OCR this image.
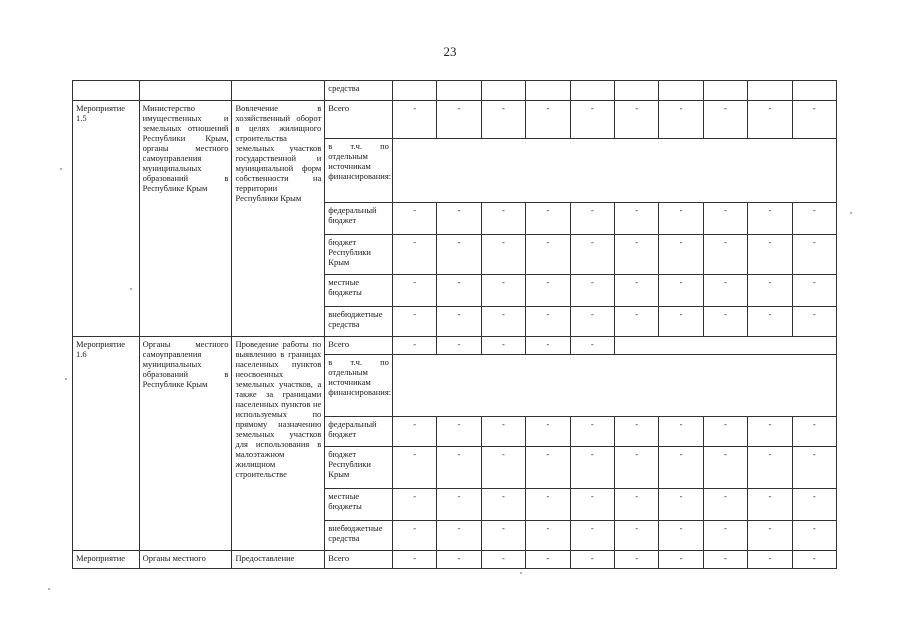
23
			средства										
Мероприятие 1.5	Министерство имущественных и земельных отношений Республики Крым, органы местного самоуправления муниципальных образований в Республике Крым	Вовлечение в хозяйственный оборот в целях жилищного строительства земельных участков государственной и муниципальной форм собственности на территории Республики Крым	Всего	-	-	-	-	-	-	-	-	-	-
			в т.ч. по отдельным источникам финансирования:										
			федеральный бюджет	-	-	-	-	-	-	-	-	-	-
			бюджет Республики Крым	-	-	-	-	-	-	-	-	-	-
			местные бюджеты	-	-	-	-	-	-	-	-	-	-
			внебюджетные средства	-	-	-	-	-	-	-	-	-	-
Мероприятие 1.6	Органы местного самоуправления муниципальных образований в Республике Крым	Проведение работы по выявлению в границах населенных пунктов неосвоенных земельных участков, а также за границами населенных пунктов не используемых по прямому назначению земельных участков для использования в малоэтажном жилищном строительстве	Всего	-	-	-	-	-					
			в т.ч. по отдельным источникам финансирования:										
			федеральный бюджет	-	-	-	-	-	-	-	-	-	-
			бюджет Республики Крым	-	-	-	-	-	-	-	-	-	-
			местные бюджеты	-	-	-	-	-	-	-	-	-	-
			внебюджетные средства	-	-	-	-	-	-	-	-	-	-
Мероприятие	Органы местного	Предоставление	Всего	-	-	-	-	-	-	-	-	-	-
